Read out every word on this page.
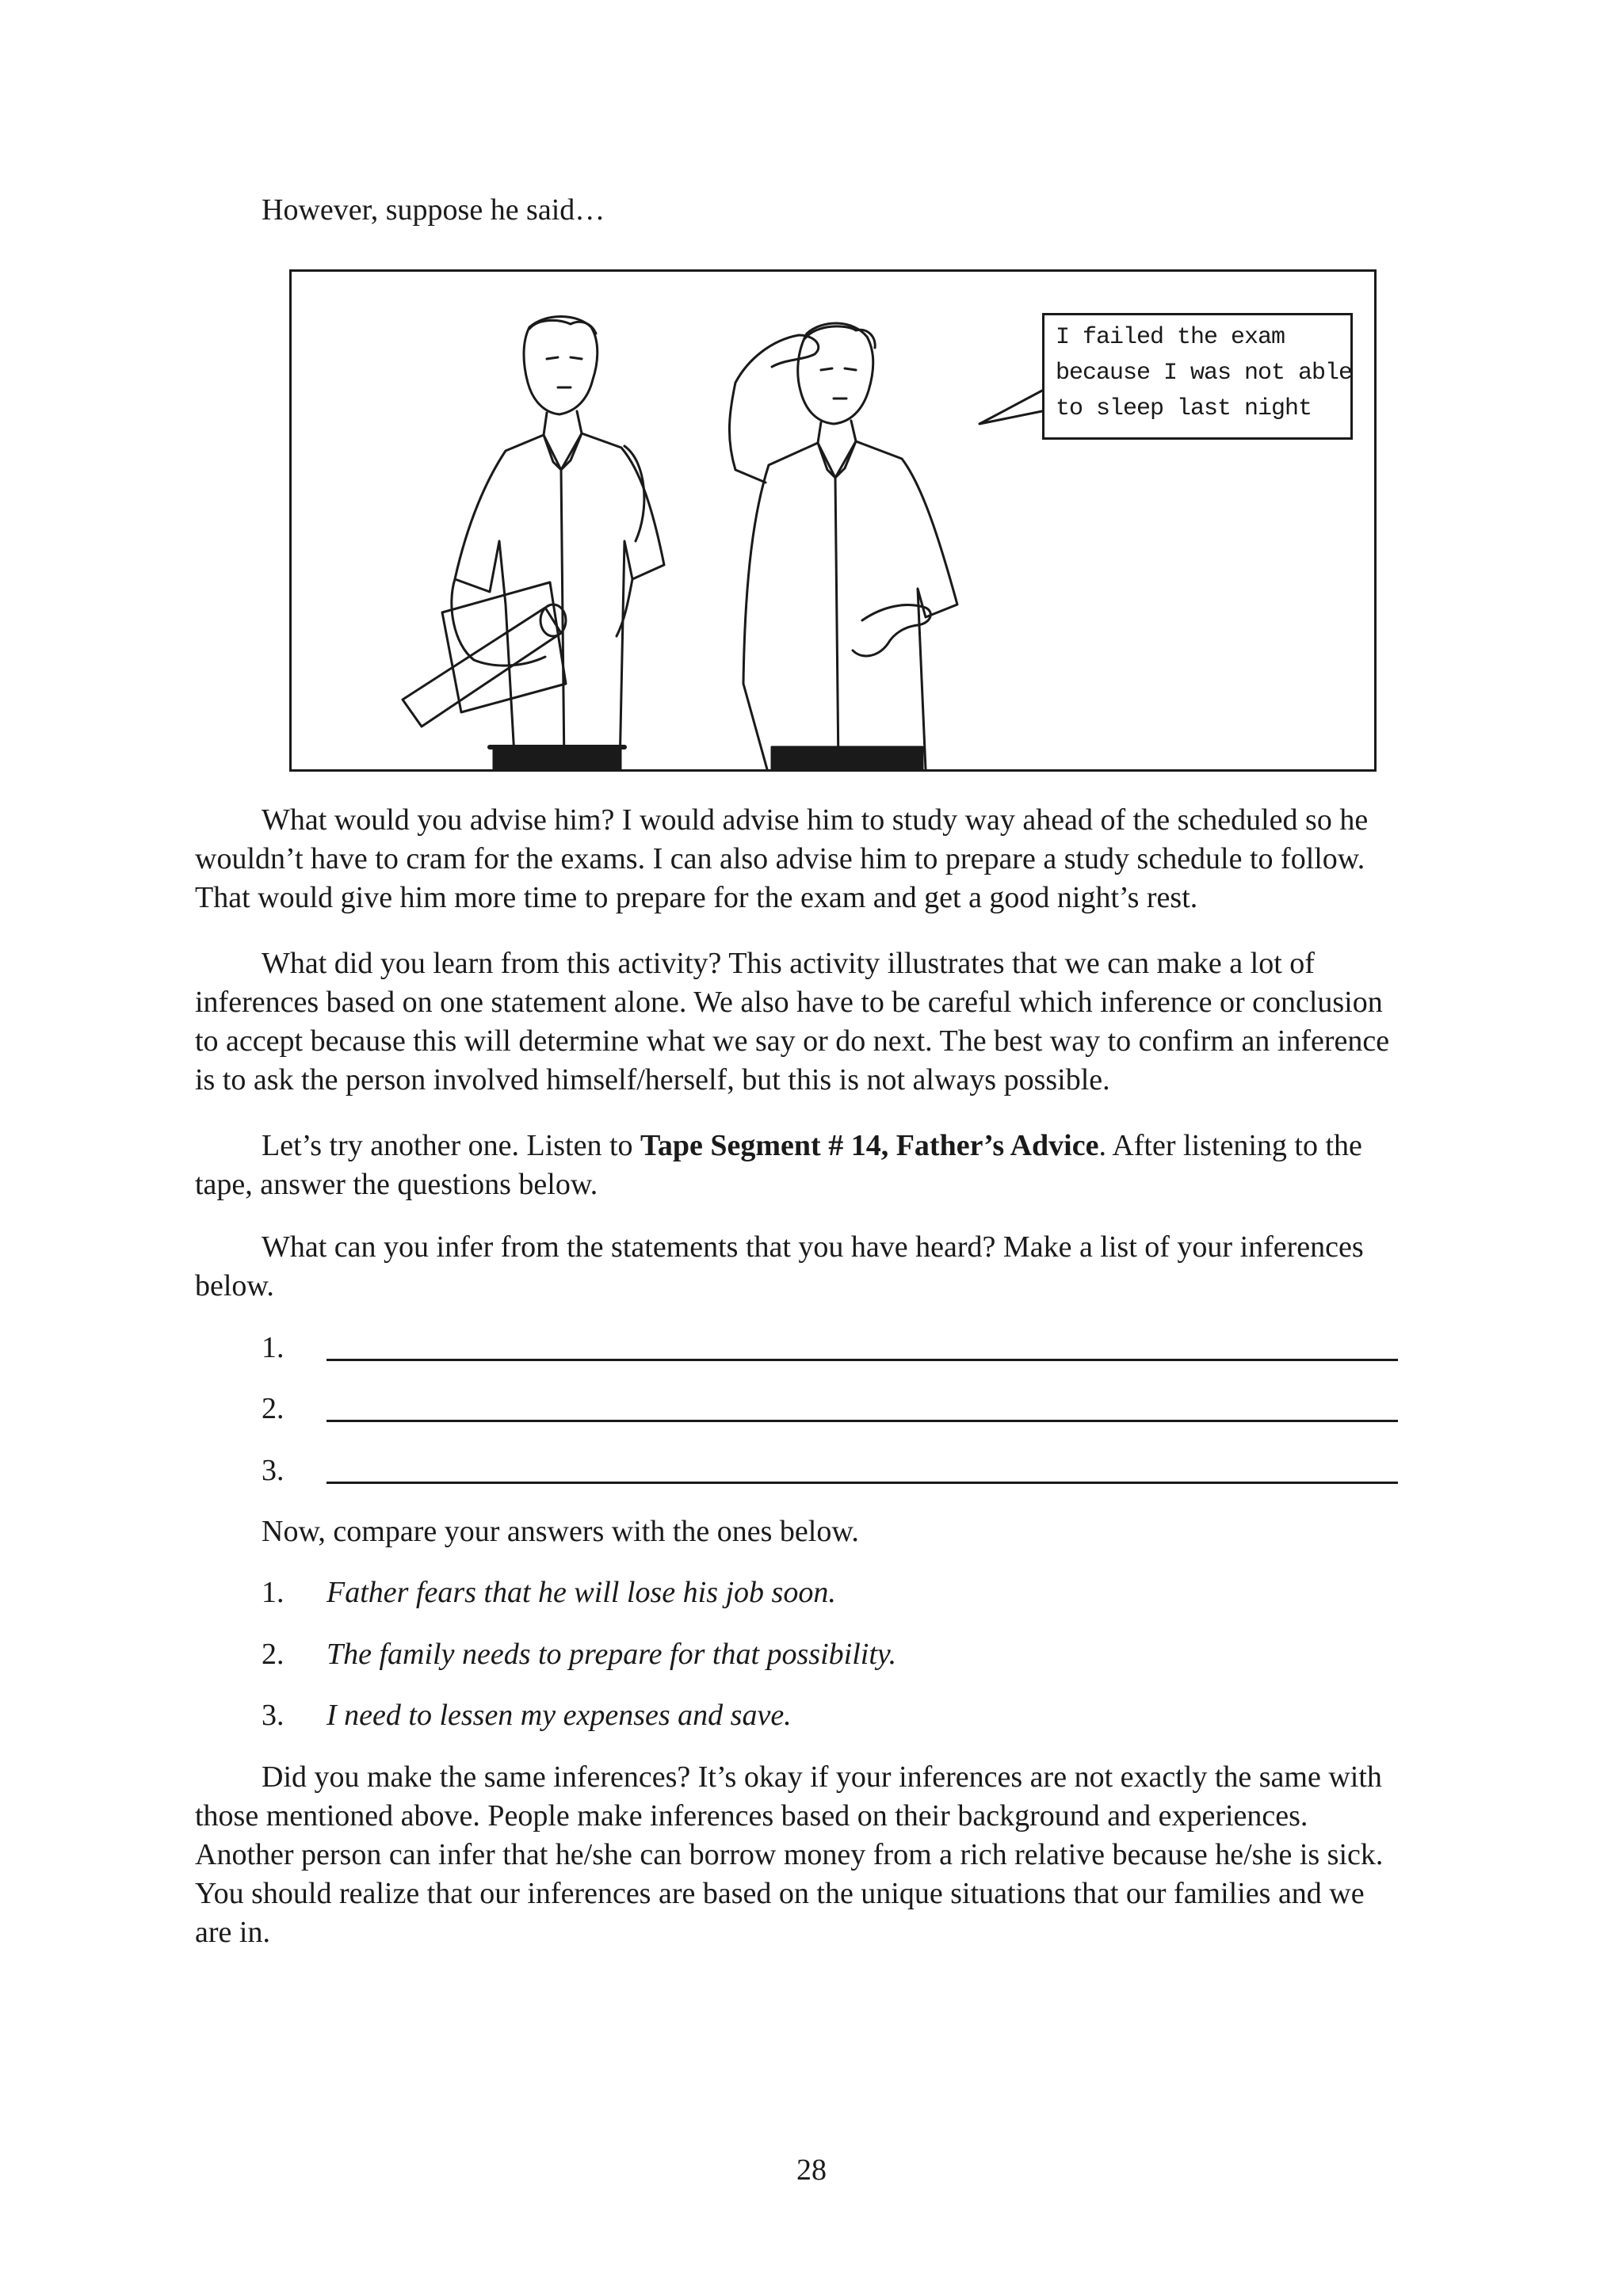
However, suppose he said…

I failed the exam
because I was not able
to sleep last night

What would you advise him? I would advise him to study way ahead of the scheduled so he wouldn’t have to cram for the exams. I can also advise him to prepare a study schedule to follow. That would give him more time to prepare for the exam and get a good night’s rest.

What did you learn from this activity? This activity illustrates that we can make a lot of inferences based on one statement alone. We also have to be careful which inference or conclusion to accept because this will determine what we say or do next. The best way to confirm an inference is to ask the person involved himself/herself, but this is not always possible.

Let’s try another one. Listen to Tape Segment # 14, Father’s Advice. After listening to the tape, answer the questions below.

What can you infer from the statements that you have heard? Make a list of your inferences below.

1.
2.
3.

Now, compare your answers with the ones below.

1. Father fears that he will lose his job soon.
2. The family needs to prepare for that possibility.
3. I need to lessen my expenses and save.

Did you make the same inferences? It’s okay if your inferences are not exactly the same with those mentioned above. People make inferences based on their background and experiences. Another person can infer that he/she can borrow money from a rich relative because he/she is sick. You should realize that our inferences are based on the unique situations that our families and we are in.

28
